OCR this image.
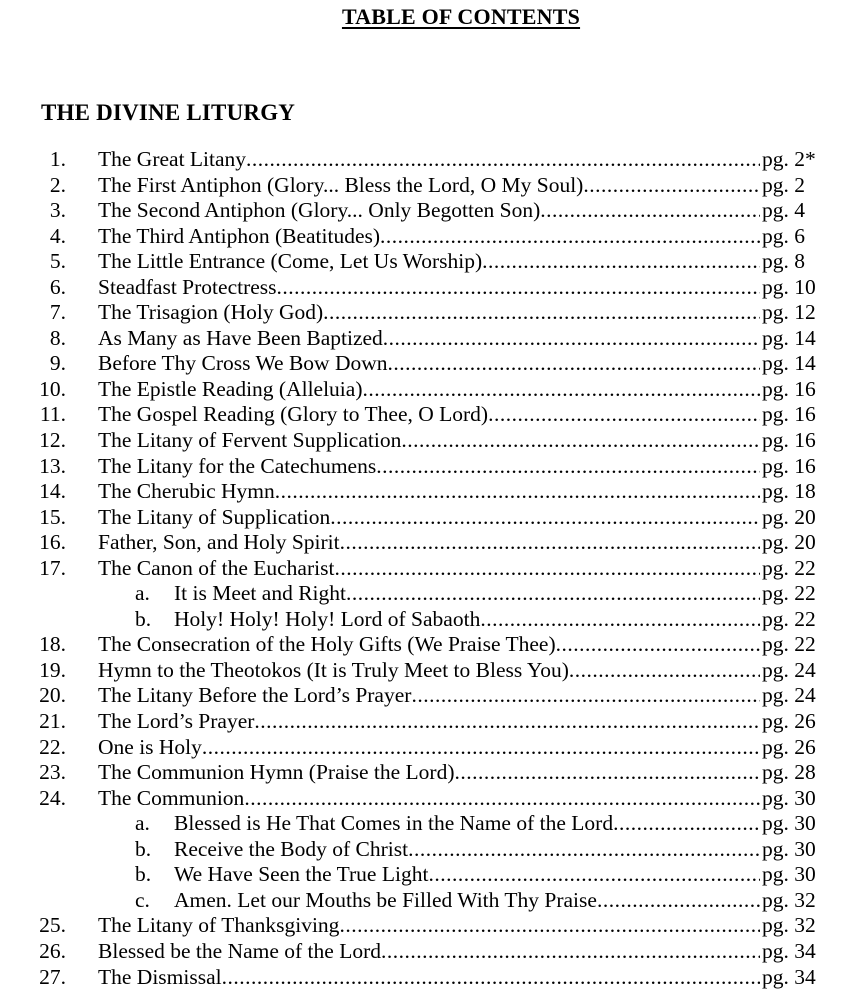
TABLE OF CONTENTS
THE DIVINE LITURGY
1. The Great Litany .....	pg. 2*
2. The First Antiphon (Glory... Bless the Lord, O My Soul) .....	pg. 2
3. The Second Antiphon (Glory... Only Begotten Son) .....	pg. 4
4. The Third Antiphon (Beatitudes) .....	pg. 6
5. The Little Entrance (Come, Let Us Worship) .....	pg. 8
6. Steadfast Protectress .....	pg. 10
7. The Trisagion (Holy God) .....	pg. 12
8. As Many as Have Been Baptized .....	pg. 14
9. Before Thy Cross We Bow Down .....	pg. 14
10. The Epistle Reading (Alleluia) .....	pg. 16
11. The Gospel Reading (Glory to Thee, O Lord) .....	pg. 16
12. The Litany of Fervent Supplication .....	pg. 16
13. The Litany for the Catechumens .....	pg. 16
14. The Cherubic Hymn .....	pg. 18
15. The Litany of Supplication .....	pg. 20
16. Father, Son, and Holy Spirit .....	pg. 20
17. The Canon of the Eucharist .....	pg. 22
a. It is Meet and Right .....	pg. 22
b. Holy! Holy! Holy! Lord of Sabaoth .....	pg. 22
18. The Consecration of the Holy Gifts (We Praise Thee) .....	pg. 22
19. Hymn to the Theotokos (It is Truly Meet to Bless You) .....	pg. 24
20. The Litany Before the Lord’s Prayer .....	pg. 24
21. The Lord’s Prayer .....	pg. 26
22. One is Holy .....	pg. 26
23. The Communion Hymn (Praise the Lord) .....	pg. 28
24. The Communion .....	pg. 30
a. Blessed is He That Comes in the Name of the Lord .....	pg. 30
b. Receive the Body of Christ .....	pg. 30
b. We Have Seen the True Light .....	pg. 30
c. Amen. Let our Mouths be Filled With Thy Praise .....	pg. 32
25. The Litany of Thanksgiving .....	pg. 32
26. Blessed be the Name of the Lord .....	pg. 34
27. The Dismissal .....	pg. 34
